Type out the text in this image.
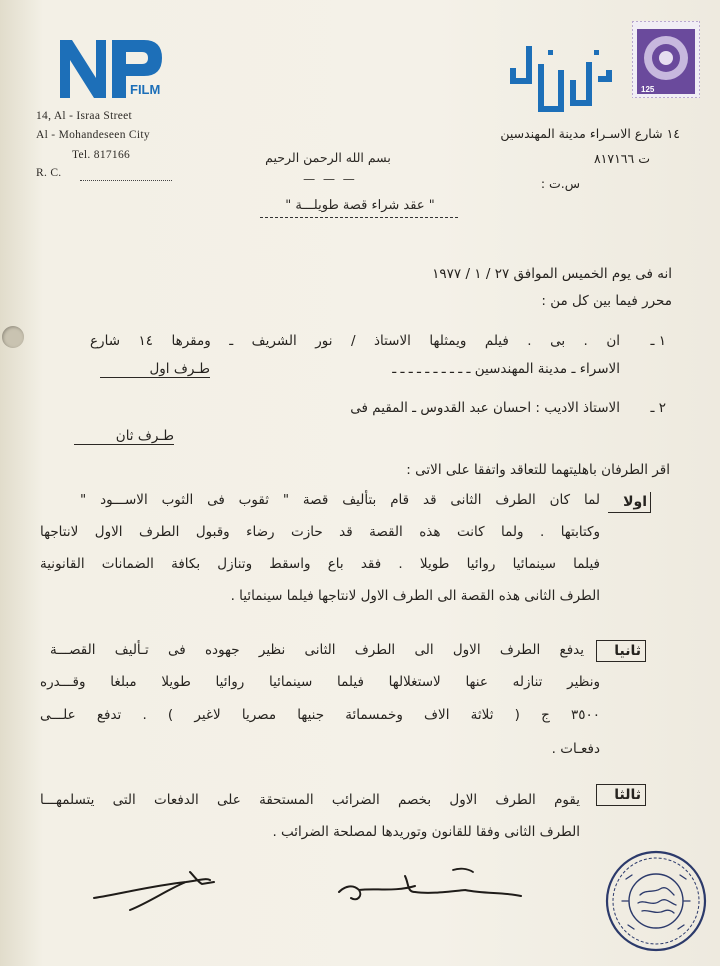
FILM
14, Al - Israa Street
Al - Mohandeseen City
Tel. 817166
R. C.
125
١٤ شارع الاسـراء مدينة المهندسين
ت ٨١٧١٦٦
س.ت :
بسم الله الرحمن الرحيم
— — —
" عقد شراء قصة طويلـــة "
انه فى يوم الخميس الموافق ٢٧ / ١ / ١٩٧٧
محرر فيما بين كل من :
١ ـ
ان . بى . فيلم ويمثلها الاستاذ / نور الشريف ـ ومقرها ١٤ شارع
الاسراء ـ مدينة المهندسين ـ ـ ـ ـ ـ ـ ـ ـ ـ ـ
طـرف اول
٢ ـ
الاستاذ الاديب : احسان عبد القدوس ـ المقيم فى
طـرف ثان
اقر الطرفان باهليتهما للتعاقد واتفقا على الاتى :
اولا
لما كان الطرف الثانى قد قام بتأليف قصة " ثقوب فى الثوب الاســـود "
وكتابتها . ولما كانت هذه القصة قد حازت رضاء وقبول الطرف الاول لانتاجها
فيلما سينمائيا روائيا طويلا . فقد باع واسقط وتنازل بكافة الضمانات القانونية
الطرف الثانى هذه القصة الى الطرف الاول لانتاجها فيلما سينمائيا .
ثانيا
يدفع الطرف الاول الى الطرف الثانى نظير جهوده فى تـأليف القصـــة
ونظير تنازله عنها لاستغلالها فيلما سينمائيا روائيا طويلا مبلغا وقـــدره
٣٥٠٠ ج ( ثلاثة الاف وخمسمائة جنيها مصريا لاغير ) . تدفع علـــى
دفعـات .
ثالثا
يقوم الطرف الاول بخصم الضرائب المستحقة على الدفعات التى يتسلمهـــا
الطرف الثانى وفقا للقانون وتوريدها لمصلحة الضرائب .
